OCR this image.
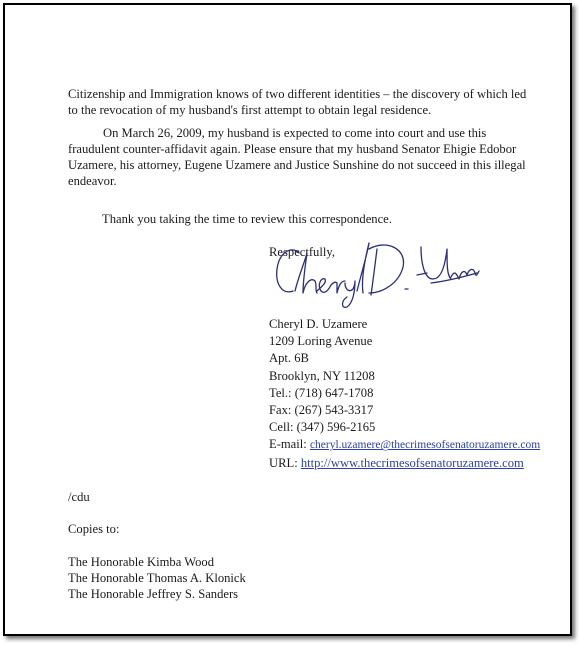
Citizenship and Immigration knows of two different identities – the discovery of which led to the revocation of my husband's first attempt to obtain legal residence.

On March 26, 2009, my husband is expected to come into court and use this fraudulent counter-affidavit again. Please ensure that my husband Senator Ehigie Edobor Uzamere, his attorney, Eugene Uzamere and Justice Sunshine do not succeed in this illegal endeavor.

Thank you taking the time to review this correspondence.

Respectfully,
Cheryl D. Uzamere
1209 Loring Avenue
Apt. 6B
Brooklyn, NY 11208
Tel.: (718) 647-1708
Fax: (267) 543-3317
Cell: (347) 596-2165
E-mail: cheryl.uzamere@thecrimesofsenatoruzamere.com
URL: http://www.thecrimesofsenatoruzamere.com
/cdu
Copies to:
The Honorable Kimba Wood
The Honorable Thomas A. Klonick
The Honorable Jeffrey S. Sanders
